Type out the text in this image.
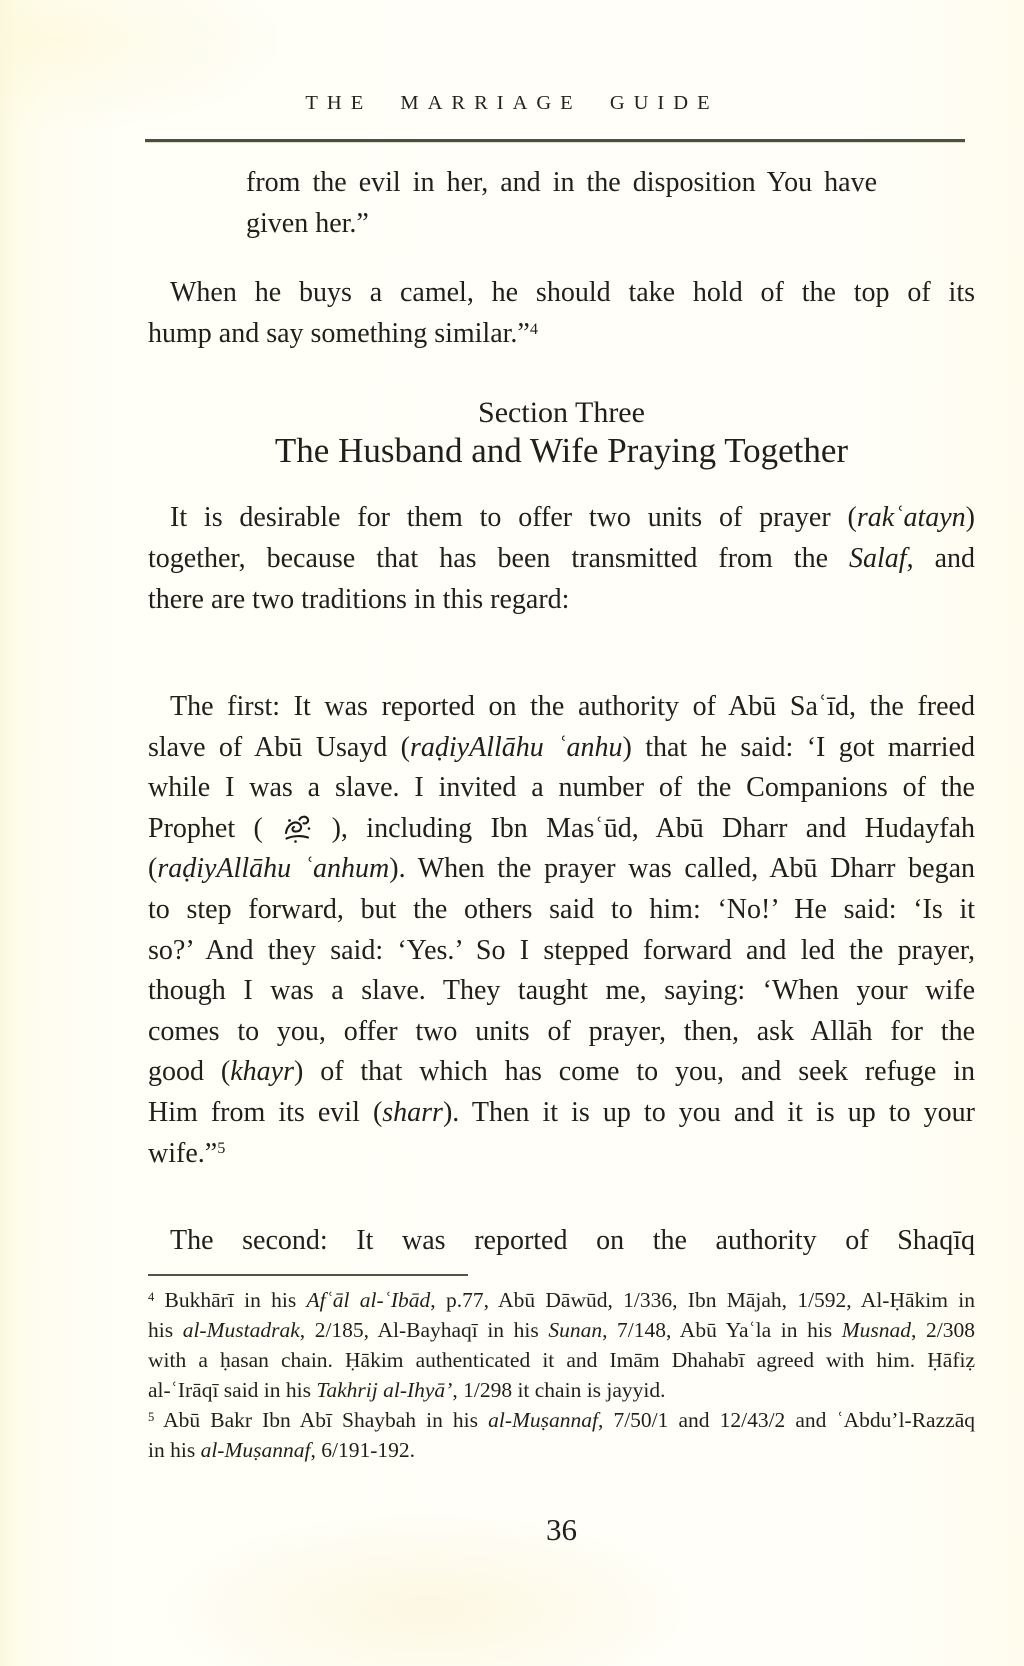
THE MARRIAGE GUIDE
from the evil in her, and in the disposition You have
given her.”
When he buys a camel, he should take hold of the top of its
hump and say something similar.”$^4$
Section Three
The Husband and Wife Praying Together
It is desirable for them to offer two units of prayer (rakʿatayn)
together, because that has been transmitted from the Salaf, and
there are two traditions in this regard:
The first: It was reported on the authority of Abū Saʿīd, the freed
slave of Abū Usayd (raḍiyAllāhu ʿanhu) that he said: ‘I got married
while I was a slave. I invited a number of the Companions of the
Prophet ( ), including Ibn Masʿūd, Abū Dharr and Hudayfah
(raḍiyAllāhu ʿanhum). When the prayer was called, Abū Dharr began
to step forward, but the others said to him: ‘No!’ He said: ‘Is it
so?’ And they said: ‘Yes.’ So I stepped forward and led the prayer,
though I was a slave. They taught me, saying: ‘When your wife
comes to you, offer two units of prayer, then, ask Allāh for the
good (khayr) of that which has come to you, and seek refuge in
Him from its evil (sharr). Then it is up to you and it is up to your
wife.”$^5$
The second: It was reported on the authority of Shaqīq
$^4$ Bukhārī in his Afʿāl al-ʿIbād, p.77, Abū Dāwūd, 1/336, Ibn Mājah, 1/592, Al-Ḥākim in
his al-Mustadrak, 2/185, Al-Bayhaqī in his Sunan, 7/148, Abū Yaʿla in his Musnad, 2/308
with a ḥasan chain. Ḥākim authenticated it and Imām Dhahabī agreed with him. Ḥāfiẓ
al-ʿIrāqī said in his Takhrij al-Ihyā’, 1/298 it chain is jayyid.
$^5$ Abū Bakr Ibn Abī Shaybah in his al-Muṣannaf, 7/50/1 and 12/43/2 and ʿAbdu’l-Razzāq
in his al-Muṣannaf, 6/191-192.
36
